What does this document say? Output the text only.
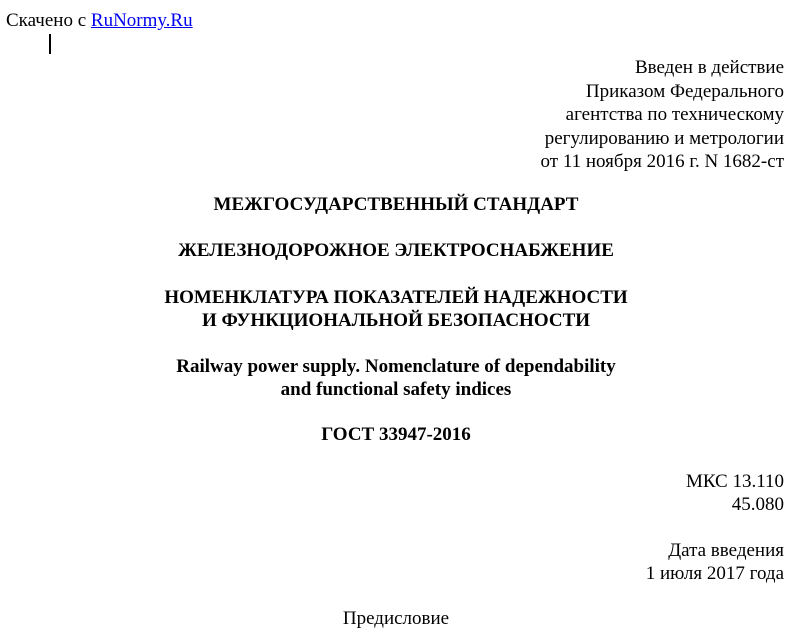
Скачено с RuNormy.Ru
Введен в действие
Приказом Федерального
агентства по техническому
регулированию и метрологии
от 11 ноября 2016 г. N 1682-ст
МЕЖГОСУДАРСТВЕННЫЙ СТАНДАРТ
ЖЕЛЕЗНОДОРОЖНОЕ ЭЛЕКТРОСНАБЖЕНИЕ
НОМЕНКЛАТУРА ПОКАЗАТЕЛЕЙ НАДЕЖНОСТИ
И ФУНКЦИОНАЛЬНОЙ БЕЗОПАСНОСТИ
Railway power supply. Nomenclature of dependability
and functional safety indices
ГОСТ 33947-2016
МКС 13.110
45.080
Дата введения
1 июля 2017 года
Предисловие
